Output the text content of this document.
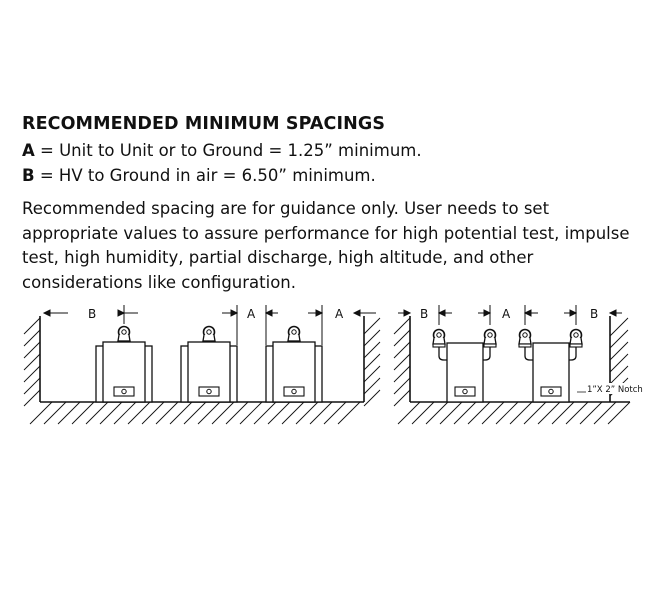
RECOMMENDED MINIMUM SPACINGS
A = Unit to Unit or to Ground = 1.25” minimum.
B = HV to Ground in air = 6.50” minimum.
Recommended spacing are for guidance only. User needs to set appropriate values to assure performance for high potential test, impulse test, high humidity, partial discharge, high altitude, and other considerations like configuration.
B	A	A	B	A	B
1”X 2” Notch
